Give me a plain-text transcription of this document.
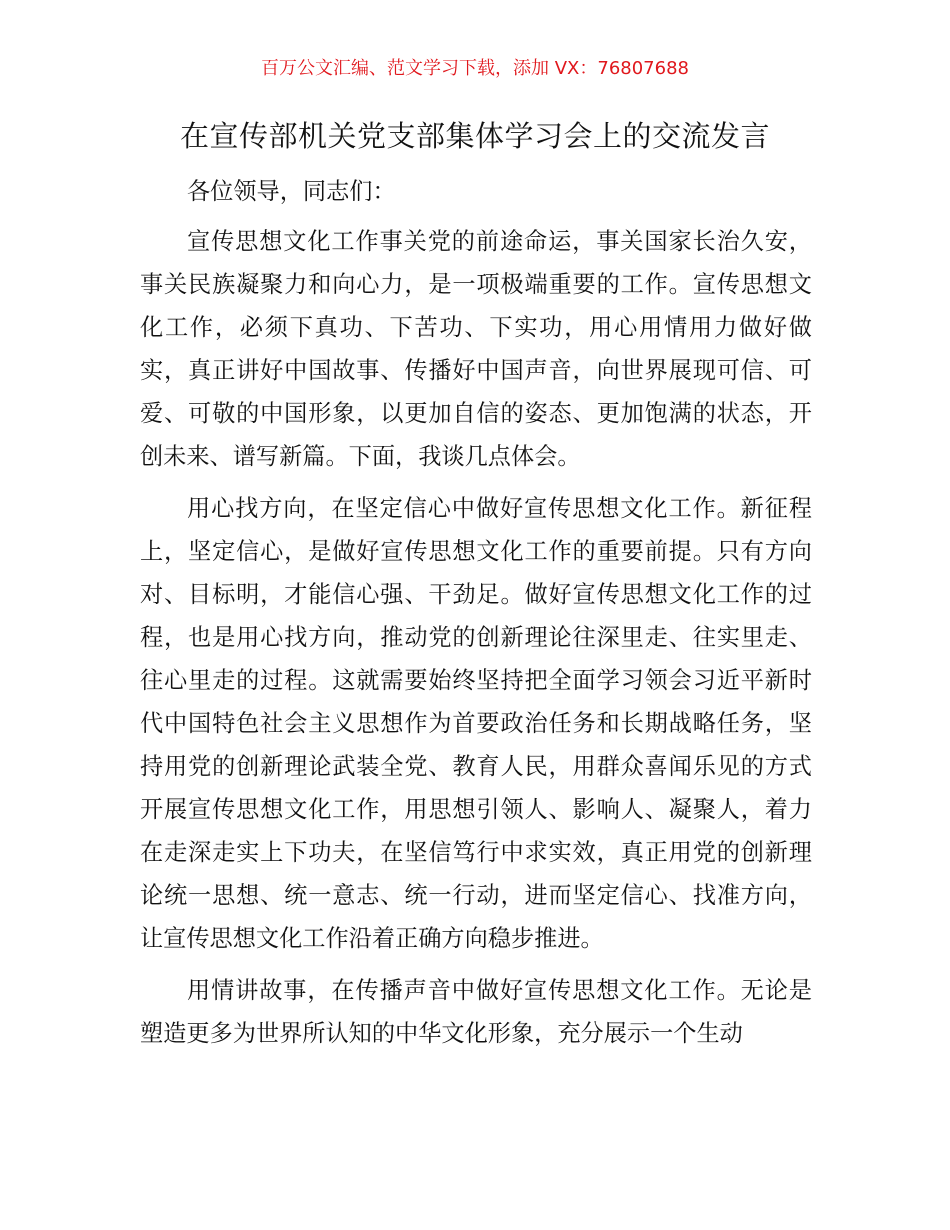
百万公文汇编、范文学习下载，添加 VX：76807688
在宣传部机关党支部集体学习会上的交流发言

各位领导，同志们：

宣传思想文化工作事关党的前途命运，事关国家长治久安，事关民族凝聚力和向心力，是一项极端重要的工作。宣传思想文化工作，必须下真功、下苦功、下实功，用心用情用力做好做实，真正讲好中国故事、传播好中国声音，向世界展现可信、可爱、可敬的中国形象，以更加自信的姿态、更加饱满的状态，开创未来、谱写新篇。下面，我谈几点体会。

用心找方向，在坚定信心中做好宣传思想文化工作。新征程上，坚定信心，是做好宣传思想文化工作的重要前提。只有方向对、目标明，才能信心强、干劲足。做好宣传思想文化工作的过程，也是用心找方向，推动党的创新理论往深里走、往实里走、往心里走的过程。这就需要始终坚持把全面学习领会习近平新时代中国特色社会主义思想作为首要政治任务和长期战略任务，坚持用党的创新理论武装全党、教育人民，用群众喜闻乐见的方式开展宣传思想文化工作，用思想引领人、影响人、凝聚人，着力在走深走实上下功夫，在坚信笃行中求实效，真正用党的创新理论统一思想、统一意志、统一行动，进而坚定信心、找准方向，让宣传思想文化工作沿着正确方向稳步推进。

用情讲故事，在传播声音中做好宣传思想文化工作。无论是塑造更多为世界所认知的中华文化形象，充分展示一个生动
